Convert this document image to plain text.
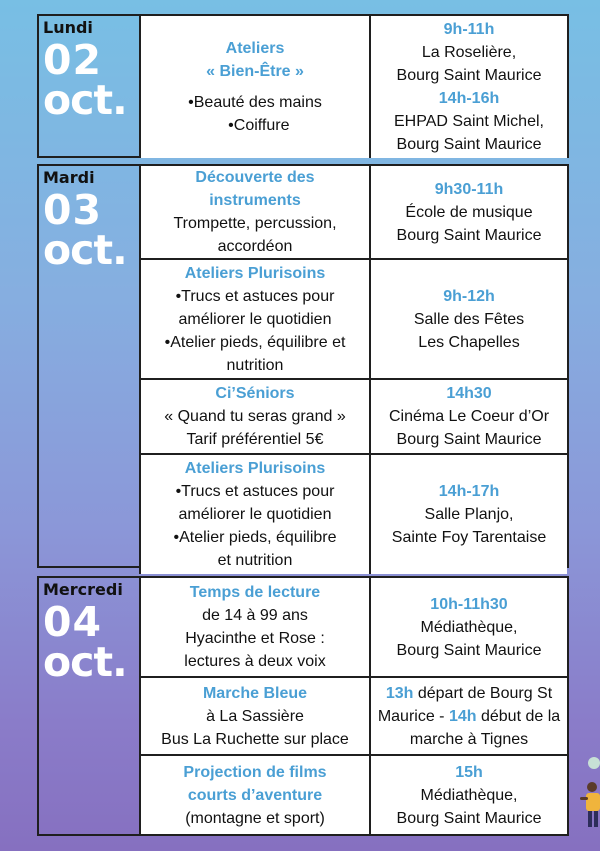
Lundi
02
oct.
Ateliers
« Bien-Être »
•Beauté des mains
•Coiffure
9h-11h
La Roselière,
Bourg Saint Maurice
14h-16h
EHPAD Saint Michel,
Bourg Saint Maurice
Mardi
03
oct.
Découverte des
instruments
Trompette, percussion,
accordéon
9h30-11h
École de musique
Bourg Saint Maurice
Ateliers Plurisoins
•Trucs et astuces pour
améliorer le quotidien
•Atelier pieds, équilibre et
nutrition
9h-12h
Salle des Fêtes
Les Chapelles
Ci’Séniors
« Quand tu seras grand »
Tarif préférentiel 5€
14h30
Cinéma Le Coeur d’Or
Bourg Saint Maurice
Ateliers Plurisoins
•Trucs et astuces pour
améliorer le quotidien
•Atelier pieds, équilibre
et nutrition
14h-17h
Salle Planjo,
Sainte Foy Tarentaise
Mercredi
04
oct.
Temps de lecture
de 14 à 99 ans
Hyacinthe et Rose :
lectures à deux voix
10h-11h30
Médiathèque,
Bourg Saint Maurice
Marche Bleue
à La Sassière
Bus La Ruchette sur place
13h départ de Bourg St
Maurice - 14h début de la
marche à Tignes
Projection de films
courts d’aventure
(montagne et sport)
15h
Médiathèque,
Bourg Saint Maurice
